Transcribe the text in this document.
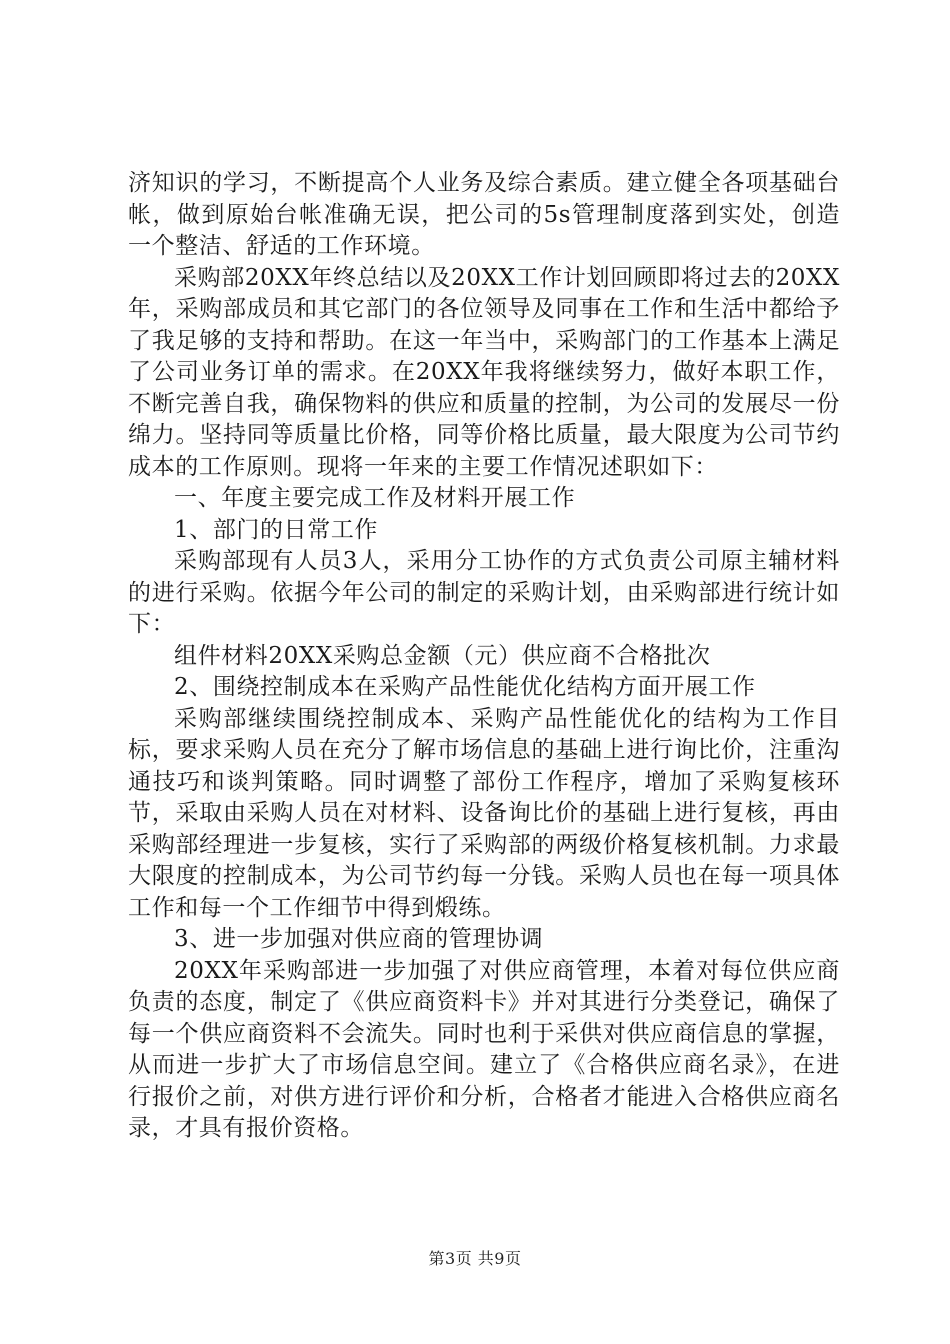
济知识的学习，不断提高个人业务及综合素质。建立健全各项基础台帐，做到原始台帐准确无误，把公司的5s管理制度落到实处，创造一个整洁、舒适的工作环境。

采购部20XX年终总结以及20XX工作计划回顾即将过去的20XX年，采购部成员和其它部门的各位领导及同事在工作和生活中都给予了我足够的支持和帮助。在这一年当中，采购部门的工作基本上满足了公司业务订单的需求。在20XX年我将继续努力，做好本职工作，不断完善自我，确保物料的供应和质量的控制，为公司的发展尽一份绵力。坚持同等质量比价格，同等价格比质量，最大限度为公司节约成本的工作原则。现将一年来的主要工作情况述职如下：

一、年度主要完成工作及材料开展工作

1、部门的日常工作

采购部现有人员3人，采用分工协作的方式负责公司原主辅材料的进行采购。依据今年公司的制定的采购计划，由采购部进行统计如下：

组件材料20XX采购总金额（元）供应商不合格批次

2、围绕控制成本在采购产品性能优化结构方面开展工作

采购部继续围绕控制成本、采购产品性能优化的结构为工作目标，要求采购人员在充分了解市场信息的基础上进行询比价，注重沟通技巧和谈判策略。同时调整了部份工作程序，增加了采购复核环节，采取由采购人员在对材料、设备询比价的基础上进行复核，再由采购部经理进一步复核，实行了采购部的两级价格复核机制。力求最大限度的控制成本，为公司节约每一分钱。采购人员也在每一项具体工作和每一个工作细节中得到煅练。

3、进一步加强对供应商的管理协调

20XX年采购部进一步加强了对供应商管理，本着对每位供应商负责的态度，制定了《供应商资料卡》并对其进行分类登记，确保了每一个供应商资料不会流失。同时也利于采供对供应商信息的掌握，从而进一步扩大了市场信息空间。建立了《合格供应商名录》，在进行报价之前，对供方进行评价和分析，合格者才能进入合格供应商名录，才具有报价资格。

第3页 共9页
